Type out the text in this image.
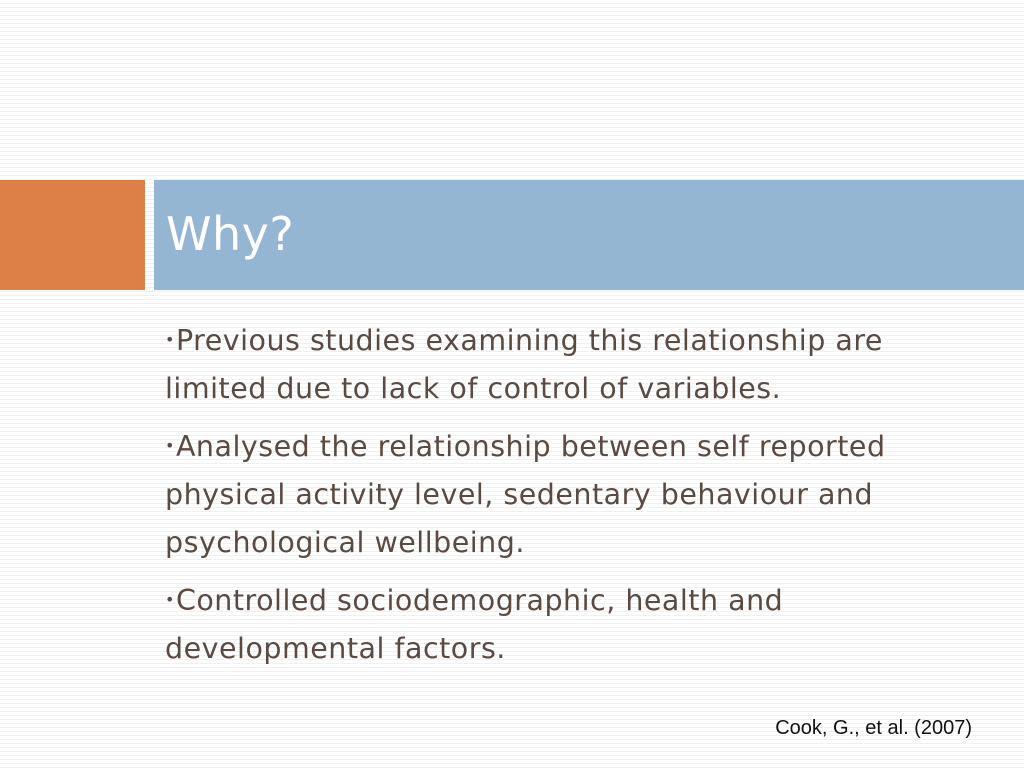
Why?
•Previous studies examining this relationship are limited due to lack of control of variables.
•Analysed the relationship between self reported physical activity level, sedentary behaviour and psychological wellbeing.
•Controlled sociodemographic, health and developmental factors.

Cook, G., et al. (2007)
